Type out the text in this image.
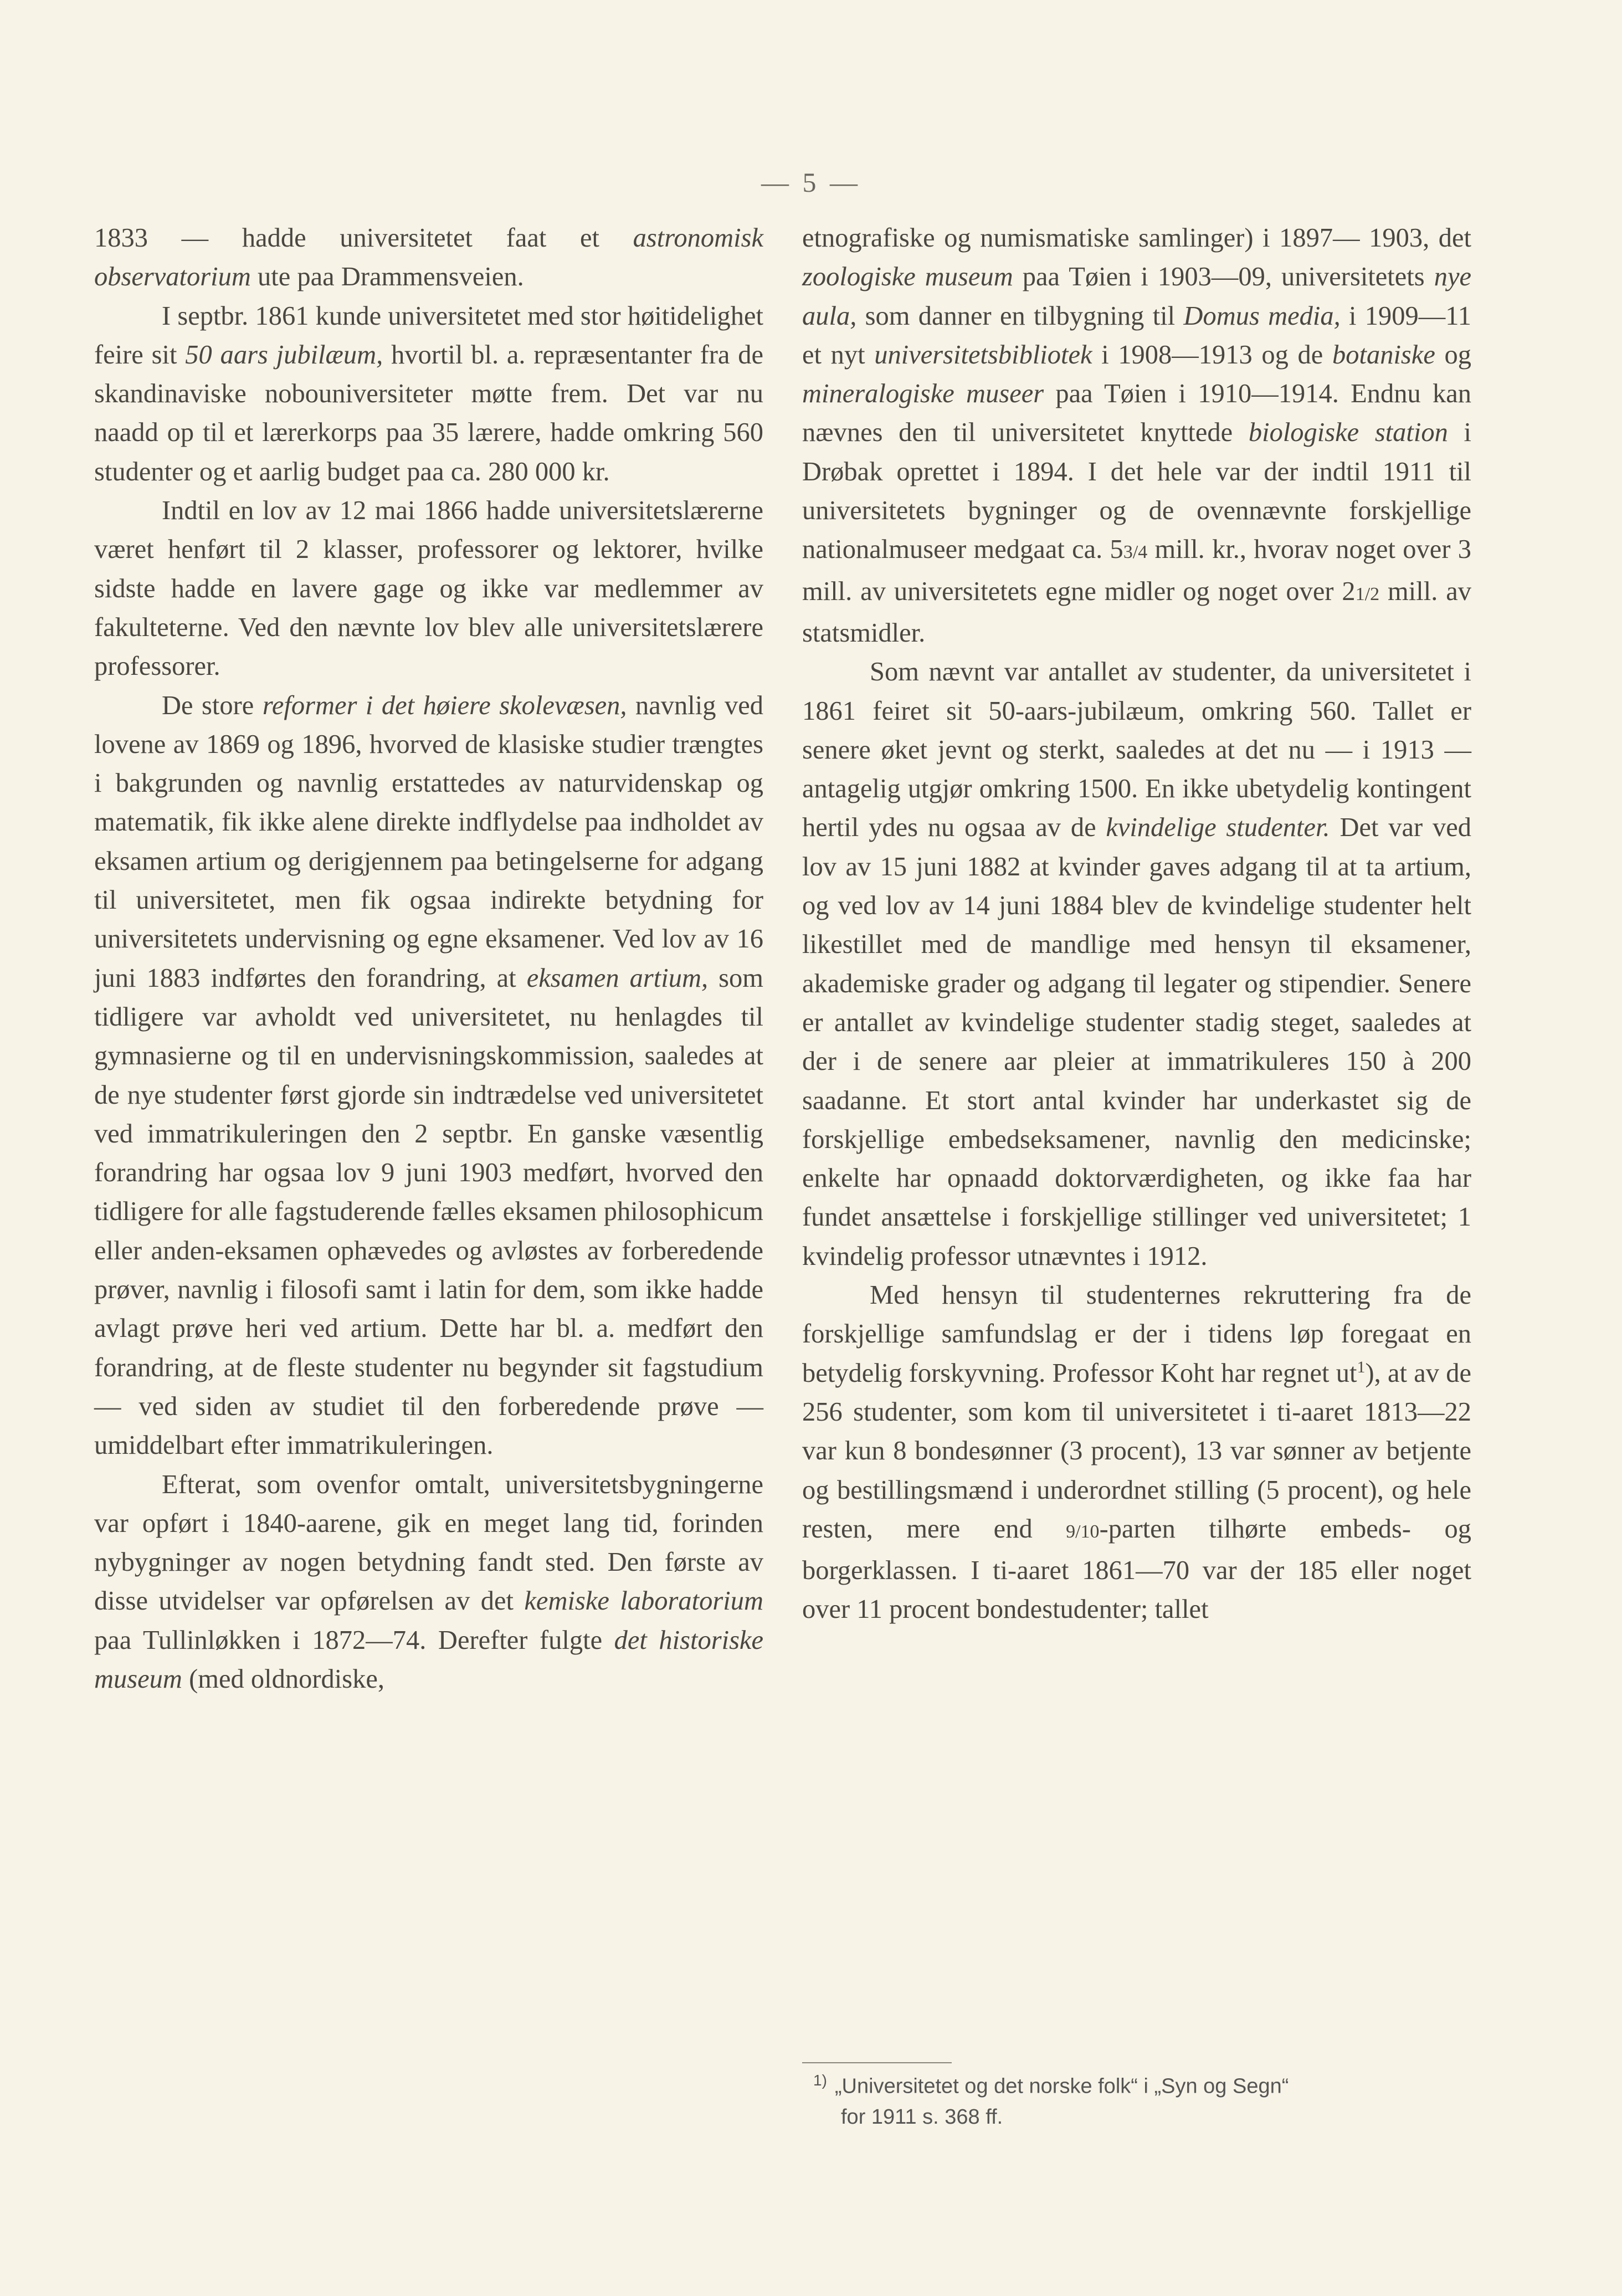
— 5 —

1833 — hadde universitetet faat et astronomisk observatorium ute paa Drammensveien.

I septbr. 1861 kunde universitetet med stor høitidelighet feire sit 50 aars jubilæum, hvortil bl. a. repræsentanter fra de skandinaviske nobouniversiteter møtte frem. Det var nu naadd op til et lærerkorps paa 35 lærere, hadde omkring 560 studenter og et aarlig budget paa ca. 280 000 kr.

Indtil en lov av 12 mai 1866 hadde universitetslærerne været henført til 2 klasser, professorer og lektorer, hvilke sidste hadde en lavere gage og ikke var medlemmer av fakulteterne. Ved den nævnte lov blev alle universitetslærere professorer.

De store reformer i det høiere skolevæsen, navnlig ved lovene av 1869 og 1896, hvorved de klasiske studier trængtes i bakgrunden og navnlig erstattedes av naturvidenskap og matematik, fik ikke alene direkte indflydelse paa indholdet av eksamen artium og derigjennem paa betingelserne for adgang til universitetet, men fik ogsaa indirekte betydning for universitetets undervisning og egne eksamener. Ved lov av 16 juni 1883 indførtes den forandring, at eksamen artium, som tidligere var avholdt ved universitetet, nu henlagdes til gymnasierne og til en undervisningskommission, saaledes at de nye studenter først gjorde sin indtrædelse ved universitetet ved immatrikuleringen den 2 septbr. En ganske væsentlig forandring har ogsaa lov 9 juni 1903 medført, hvorved den tidligere for alle fagstuderende fælles eksamen philosophicum eller anden-eksamen ophævedes og avløstes av forberedende prøver, navnlig i filosofi samt i latin for dem, som ikke hadde avlagt prøve heri ved artium. Dette har bl. a. medført den forandring, at de fleste studenter nu begynder sit fagstudium — ved siden av studiet til den forberedende prøve — umiddelbart efter immatrikuleringen.

Efterat, som ovenfor omtalt, universitetsbygningerne var opført i 1840-aarene, gik en meget lang tid, forinden nybygninger av nogen betydning fandt sted. Den første av disse utvidelser var opførelsen av det kemiske laboratorium paa Tullinløkken i 1872—74. Derefter fulgte det historiske museum (med oldnordiske,

etnografiske og numismatiske samlinger) i 1897— 1903, det zoologiske museum paa Tøien i 1903—09, universitetets nye aula, som danner en tilbygning til Domus media, i 1909—11 et nyt universitetsbibliotek i 1908—1913 og de botaniske og mineralogiske museer paa Tøien i 1910—1914. Endnu kan nævnes den til universitetet knyttede biologiske station i Drøbak oprettet i 1894. I det hele var der indtil 1911 til universitetets bygninger og de ovennævnte forskjellige nationalmuseer medgaat ca. 53/4 mill. kr., hvorav noget over 3 mill. av universitetets egne midler og noget over 21/2 mill. av statsmidler.

Som nævnt var antallet av studenter, da universitetet i 1861 feiret sit 50-aars-jubilæum, omkring 560. Tallet er senere øket jevnt og sterkt, saaledes at det nu — i 1913 — antagelig utgjør omkring 1500. En ikke ubetydelig kontingent hertil ydes nu ogsaa av de kvindelige studenter. Det var ved lov av 15 juni 1882 at kvinder gaves adgang til at ta artium, og ved lov av 14 juni 1884 blev de kvindelige studenter helt likestillet med de mandlige med hensyn til eksamener, akademiske grader og adgang til legater og stipendier. Senere er antallet av kvindelige studenter stadig steget, saaledes at der i de senere aar pleier at immatrikuleres 150 à 200 saadanne. Et stort antal kvinder har underkastet sig de forskjellige embedseksamener, navnlig den medicinske; enkelte har opnaadd doktorværdigheten, og ikke faa har fundet ansættelse i forskjellige stillinger ved universitetet; 1 kvindelig professor utnævntes i 1912.

Med hensyn til studenternes rekruttering fra de forskjellige samfundslag er der i tidens løp foregaat en betydelig forskyvning. Professor Koht har regnet $ut^1$), at av de 256 studenter, som kom til universitetet i ti-aaret 1813—22 var kun 8 bondesønner (3 procent), 13 var sønner av betjente og bestillingsmænd i underordnet stilling (5 procent), og hele resten, mere end 9/10-parten tilhørte embeds- og borgerklassen. I ti-aaret 1861—70 var der 185 eller noget over 11 procent bondestudenter; tallet

$^{1)}$ „Universitetet og det norske folk“ i „Syn og Segn“
for 1911 s. 368 ff.
